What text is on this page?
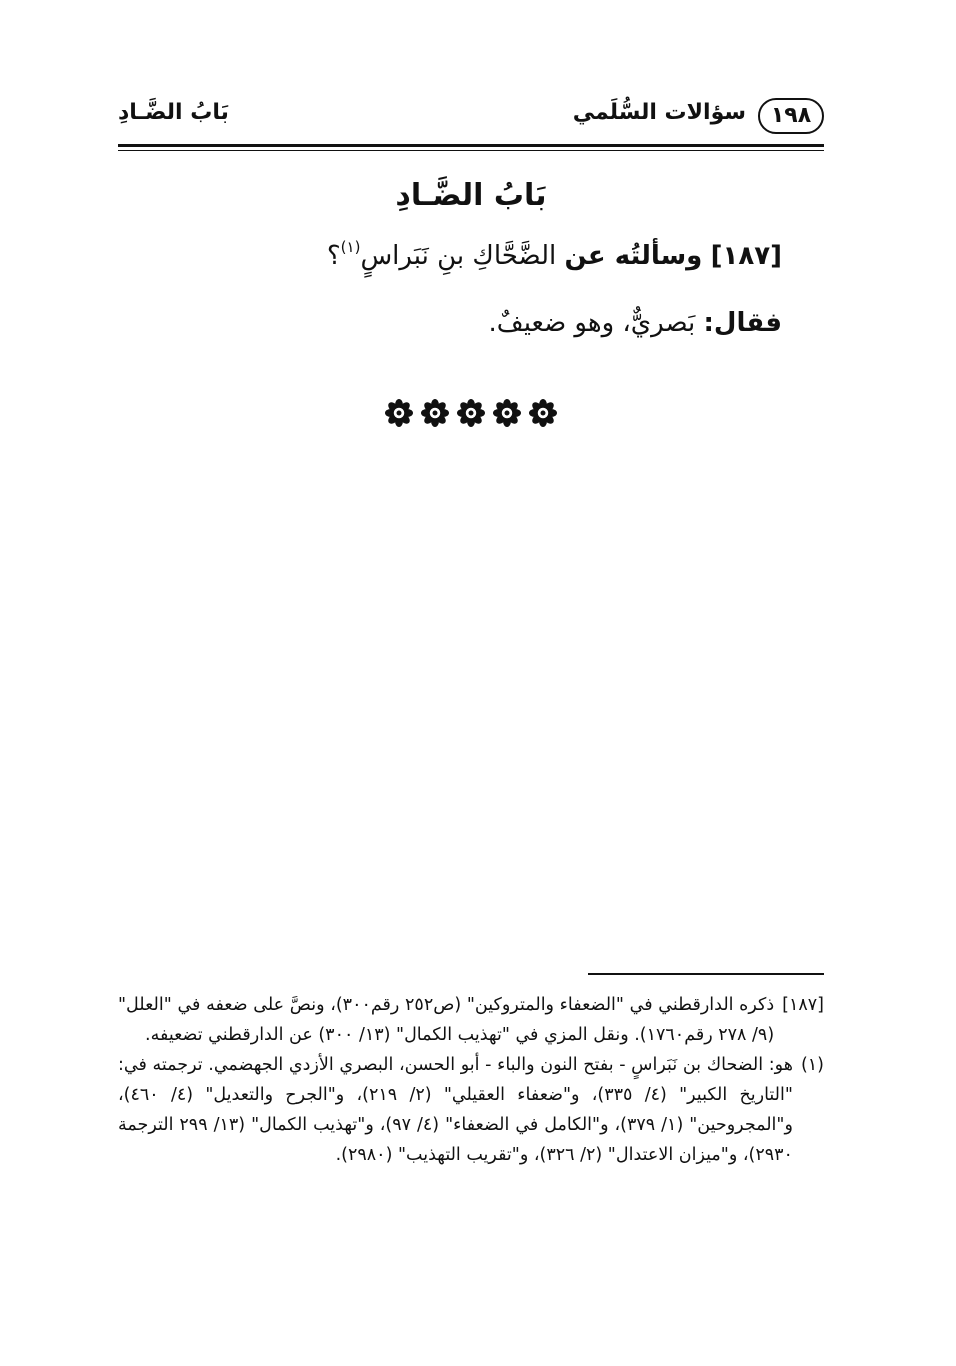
١٩٨
سؤالات السُّلَمي
بَابُ الضَّـادِ
بَابُ الضَّـادِ
[١٨٧] وسألتُه عن الضَّحَّاكِ بنِ نَبَراسٍ$^{(١)}$؟
فقال: بَصريٌّ، وهو ضعيفٌ.
[١٨٧]
ذكره الدارقطني في "الضعفاء والمتروكين" (ص٢٥٢ رقم٣٠٠)، ونصَّ على ضعفه في "العلل" (٩/ ٢٧٨ رقم١٧٦٠). ونقل المزي في "تهذيب الكمال" (١٣/ ٣٠٠) عن الدارقطني تضعيفه.
(١)
هو: الضحاك بن نَبَراسٍ - بفتح النون والباء - أبو الحسن، البصري الأزدي الجهضمي. ترجمته في: "التاريخ الكبير" (٤/ ٣٣٥)، و"ضعفاء العقيلي" (٢/ ٢١٩)، و"الجرح والتعديل" (٤/ ٤٦٠)، و"المجروحين" (١/ ٣٧٩)، و"الكامل في الضعفاء" (٤/ ٩٧)، و"تهذيب الكمال" (١٣/ ٢٩٩ الترجمة ٢٩٣٠)، و"ميزان الاعتدال" (٢/ ٣٢٦)، و"تقريب التهذيب" (٢٩٨٠).
